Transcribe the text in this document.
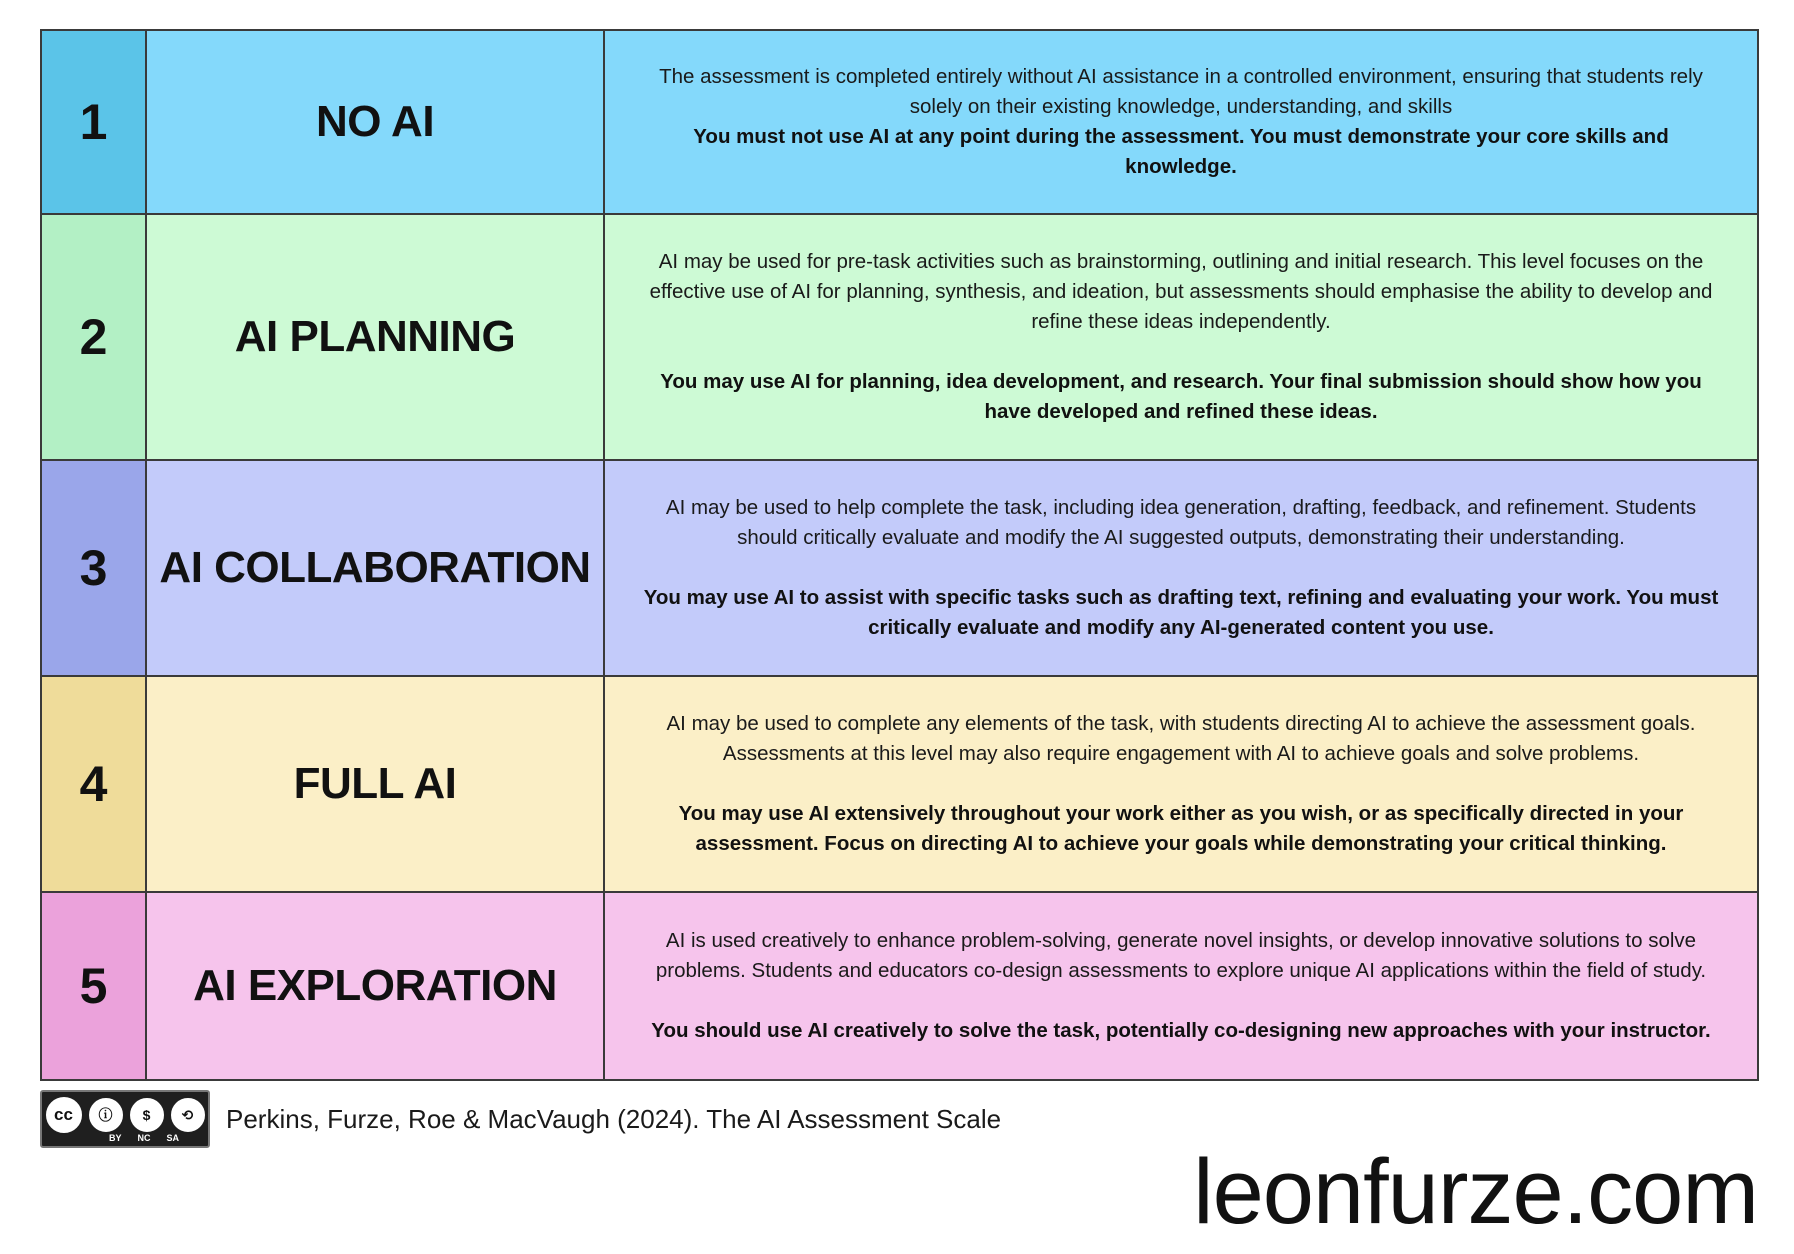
1	NO AI

The assessment is completed entirely without AI assistance in a controlled environment, ensuring that students rely solely on their existing knowledge, understanding, and skills

You must not use AI at any point during the assessment. You must demonstrate your core skills and knowledge.

2	AI PLANNING

AI may be used for pre-task activities such as brainstorming, outlining and initial research. This level focuses on the effective use of AI for planning, synthesis, and ideation, but assessments should emphasise the ability to develop and refine these ideas independently.

You may use AI for planning, idea development, and research. Your final submission should show how you have developed and refined these ideas.

3	AI COLLABORATION

AI may be used to help complete the task, including idea generation, drafting, feedback, and refinement. Students should critically evaluate and modify the AI suggested outputs, demonstrating their understanding.

You may use AI to assist with specific tasks such as drafting text, refining and evaluating your work. You must critically evaluate and modify any AI-generated content you use.

4	FULL AI

AI may be used to complete any elements of the task, with students directing AI to achieve the assessment goals. Assessments at this level may also require engagement with AI to achieve goals and solve problems.

You may use AI extensively throughout your work either as you wish, or as specifically directed in your assessment. Focus on directing AI to achieve your goals while demonstrating your critical thinking.

5	AI EXPLORATION

AI is used creatively to enhance problem-solving, generate novel insights, or develop innovative solutions to solve problems. Students and educators co-design assessments to explore unique AI applications within the field of study.

You should use AI creatively to solve the task, potentially co-designing new approaches with your instructor.

cc	ⓘ	$	⟲
BY NC SA
Perkins, Furze, Roe & MacVaugh (2024). The AI Assessment Scale
leonfurze.com
